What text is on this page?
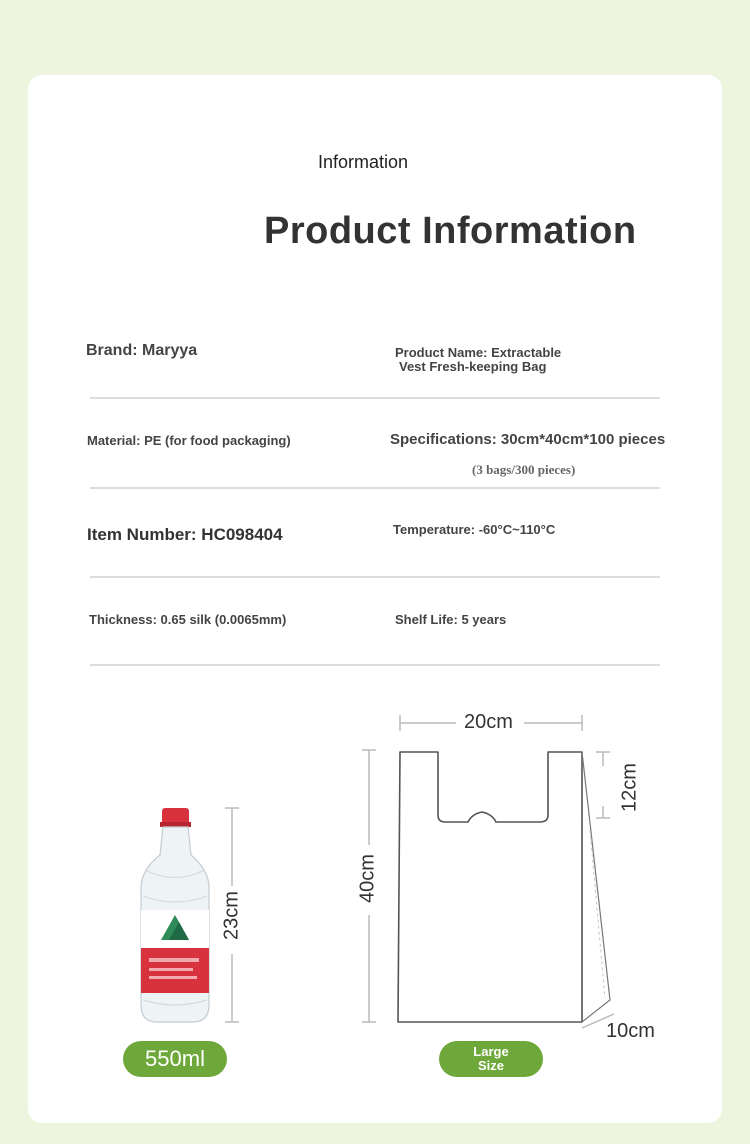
Information
Product Information
Brand: Maryya	Product Name: Extractable
Vest Fresh-keeping Bag
Material: PE (for food packaging)	Specifications: 30cm*40cm*100 pieces
(3 bags/300 pieces)
Item Number: HC098404	Temperature: -60°C~110°C
Thickness: 0.65 silk (0.0065mm)	Shelf Life: 5 years
23cm
20cm
40cm
12cm
10cm
550ml	Large
Size
